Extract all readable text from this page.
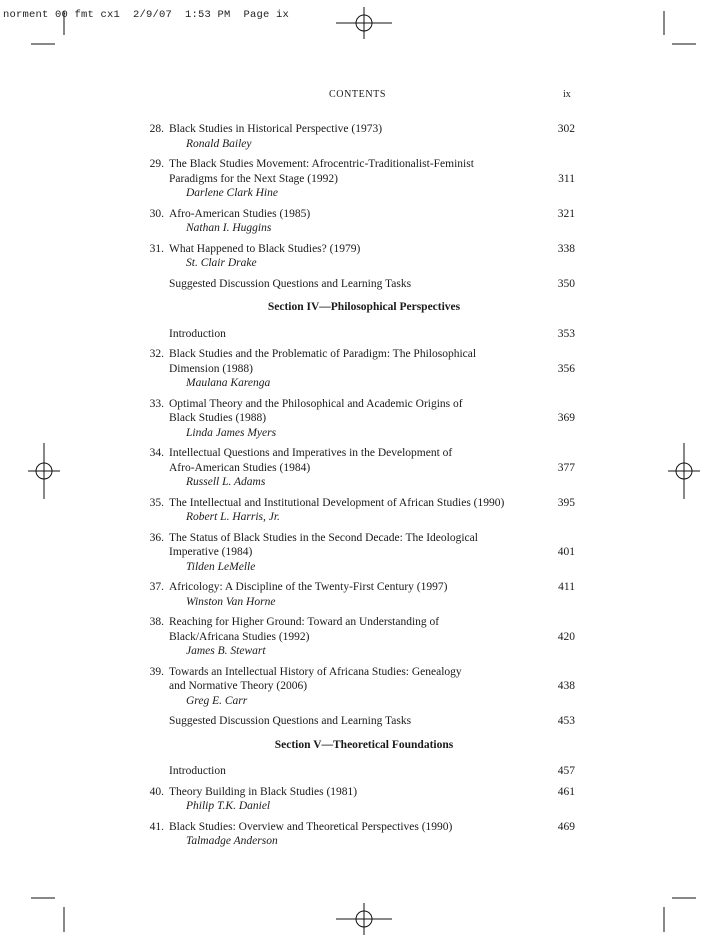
norment 00 fmt cx1  2/9/07  1:53 PM  Page ix
CONTENTS	ix
28. Black Studies in Historical Perspective (1973)	302
Ronald Bailey
29. The Black Studies Movement: Afrocentric-Traditionalist-Feminist
Paradigms for the Next Stage (1992)	311
Darlene Clark Hine
30. Afro-American Studies (1985)	321
Nathan I. Huggins
31. What Happened to Black Studies? (1979)	338
St. Clair Drake
Suggested Discussion Questions and Learning Tasks	350
Section IV—Philosophical Perspectives
Introduction	353
32. Black Studies and the Problematic of Paradigm: The Philosophical
Dimension (1988)	356
Maulana Karenga
33. Optimal Theory and the Philosophical and Academic Origins of
Black Studies (1988)	369
Linda James Myers
34. Intellectual Questions and Imperatives in the Development of
Afro-American Studies (1984)	377
Russell L. Adams
35. The Intellectual and Institutional Development of African Studies (1990)	395
Robert L. Harris, Jr.
36. The Status of Black Studies in the Second Decade: The Ideological
Imperative (1984)	401
Tilden LeMelle
37. Africology: A Discipline of the Twenty-First Century (1997)	411
Winston Van Horne
38. Reaching for Higher Ground: Toward an Understanding of
Black/Africana Studies (1992)	420
James B. Stewart
39. Towards an Intellectual History of Africana Studies: Genealogy
and Normative Theory (2006)	438
Greg E. Carr
Suggested Discussion Questions and Learning Tasks	453
Section V—Theoretical Foundations
Introduction	457
40. Theory Building in Black Studies (1981)	461
Philip T.K. Daniel
41. Black Studies: Overview and Theoretical Perspectives (1990)	469
Talmadge Anderson
